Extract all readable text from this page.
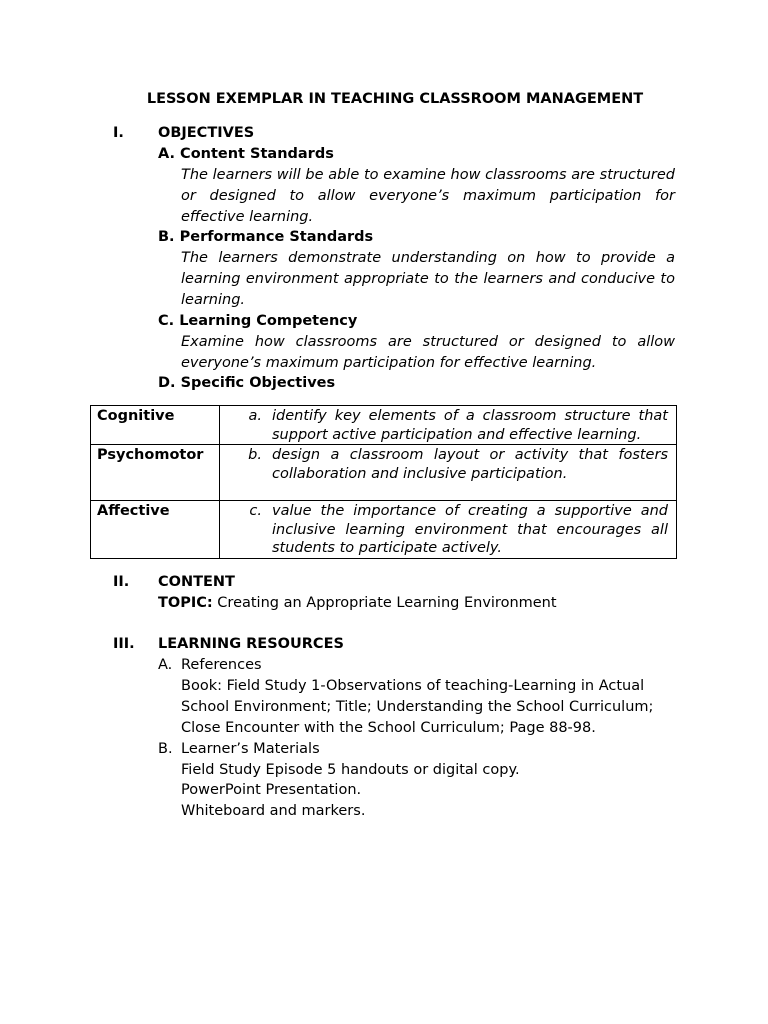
LESSON EXEMPLAR IN TEACHING CLASSROOM MANAGEMENT
I. OBJECTIVES
A. Content Standards
The learners will be able to examine how classrooms are structured or designed to allow everyone’s maximum participation for effective learning.
B. Performance Standards
The learners demonstrate understanding on how to provide a learning environment appropriate to the learners and conducive to learning.
C. Learning Competency
Examine how classrooms are structured or designed to allow everyone’s maximum participation for effective learning.
D. Specific Objectives
Cognitive	a. identify key elements of a classroom structure that support active participation and effective learning.

Psychomotor	b. design a classroom layout or activity that fosters collaboration and inclusive participation.

Affective	c. value the importance of creating a supportive and inclusive learning environment that encourages all students to participate actively.
II. CONTENT
TOPIC: Creating an Appropriate Learning Environment
III. LEARNING RESOURCES
A. References
Book: Field Study 1-Observations of teaching-Learning in Actual
School Environment; Title; Understanding the School Curriculum;
Close Encounter with the School Curriculum; Page 88-98.
B. Learner’s Materials
Field Study Episode 5 handouts or digital copy.
PowerPoint Presentation.
Whiteboard and markers.
